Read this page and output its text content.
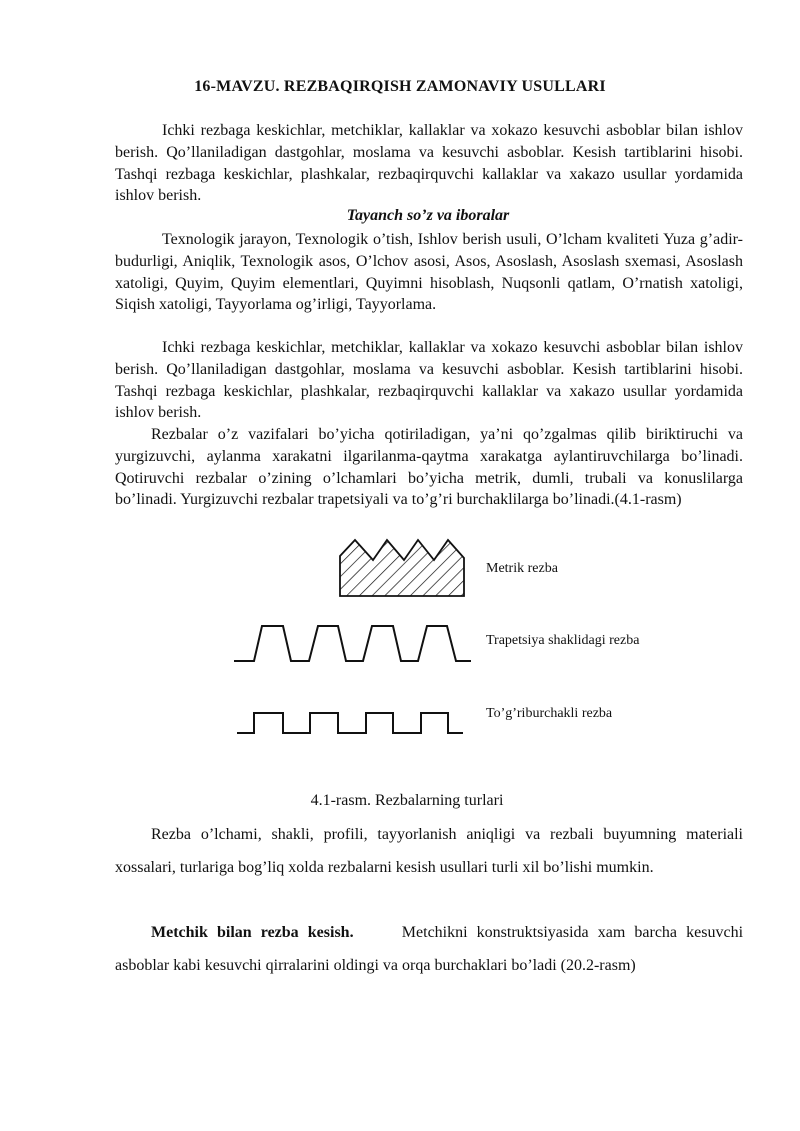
16-MAVZU. REZBAQIRQISH ZAMONAVIY USULLARI
Ichki rezbaga keskichlar, metchiklar, kallaklar va xokazo kesuvchi asboblar bilan ishlov berish. Qo’llaniladigan dastgohlar, moslama va kesuvchi asboblar. Kesish tartiblarini hisobi. Tashqi rezbaga keskichlar, plashkalar, rezbaqirquvchi kallaklar va xakazo usullar yordamida ishlov berish.
Tayanch so’z va iboralar
Texnologik jarayon, Texnologik o’tish, Ishlov berish usuli, O’lcham kvaliteti Yuza g’adir-budurligi, Aniqlik, Texnologik asos, O’lchov asosi, Asos, Asoslash, Asoslash sxemasi, Asoslash xatoligi, Quyim, Quyim elementlari, Quyimni hisoblash, Nuqsonli qatlam, O’rnatish xatoligi, Siqish xatoligi, Tayyorlama og’irligi, Tayyorlama.
Ichki rezbaga keskichlar, metchiklar, kallaklar va xokazo kesuvchi asboblar bilan ishlov berish. Qo’llaniladigan dastgohlar, moslama va kesuvchi asboblar. Kesish tartiblarini hisobi. Tashqi rezbaga keskichlar, plashkalar, rezbaqirquvchi kallaklar va xakazo usullar yordamida ishlov berish.
Rezbalar o’z vazifalari bo’yicha qotiriladigan, ya’ni qo’zgalmas qilib biriktiruchi va yurgizuvchi, aylanma xarakatni ilgarilanma-qaytma xarakatga aylantiruvchilarga bo’linadi. Qotiruvchi rezbalar o’zining o’lchamlari bo’yicha metrik, dumli, trubali va konuslilarga bo’linadi. Yurgizuvchi rezbalar trapetsiyali va to’g’ri burchaklilarga bo’linadi.(4.1-rasm)
Metrik rezba
Trapetsiya shaklidagi rezba
To’g’riburchakli rezba
4.1-rasm. Rezbalarning turlari
Rezba o’lchami, shakli, profili, tayyorlanish aniqligi va rezbali buyumning materiali xossalari, turlariga bog’liq xolda rezbalarni kesish usullari turli xil bo’lishi mumkin.
Metchik bilan rezba kesish.	Metchikni konstruktsiyasida xam barcha kesuvchi asboblar kabi kesuvchi qirralarini oldingi va orqa burchaklari bo’ladi (20.2-rasm)
